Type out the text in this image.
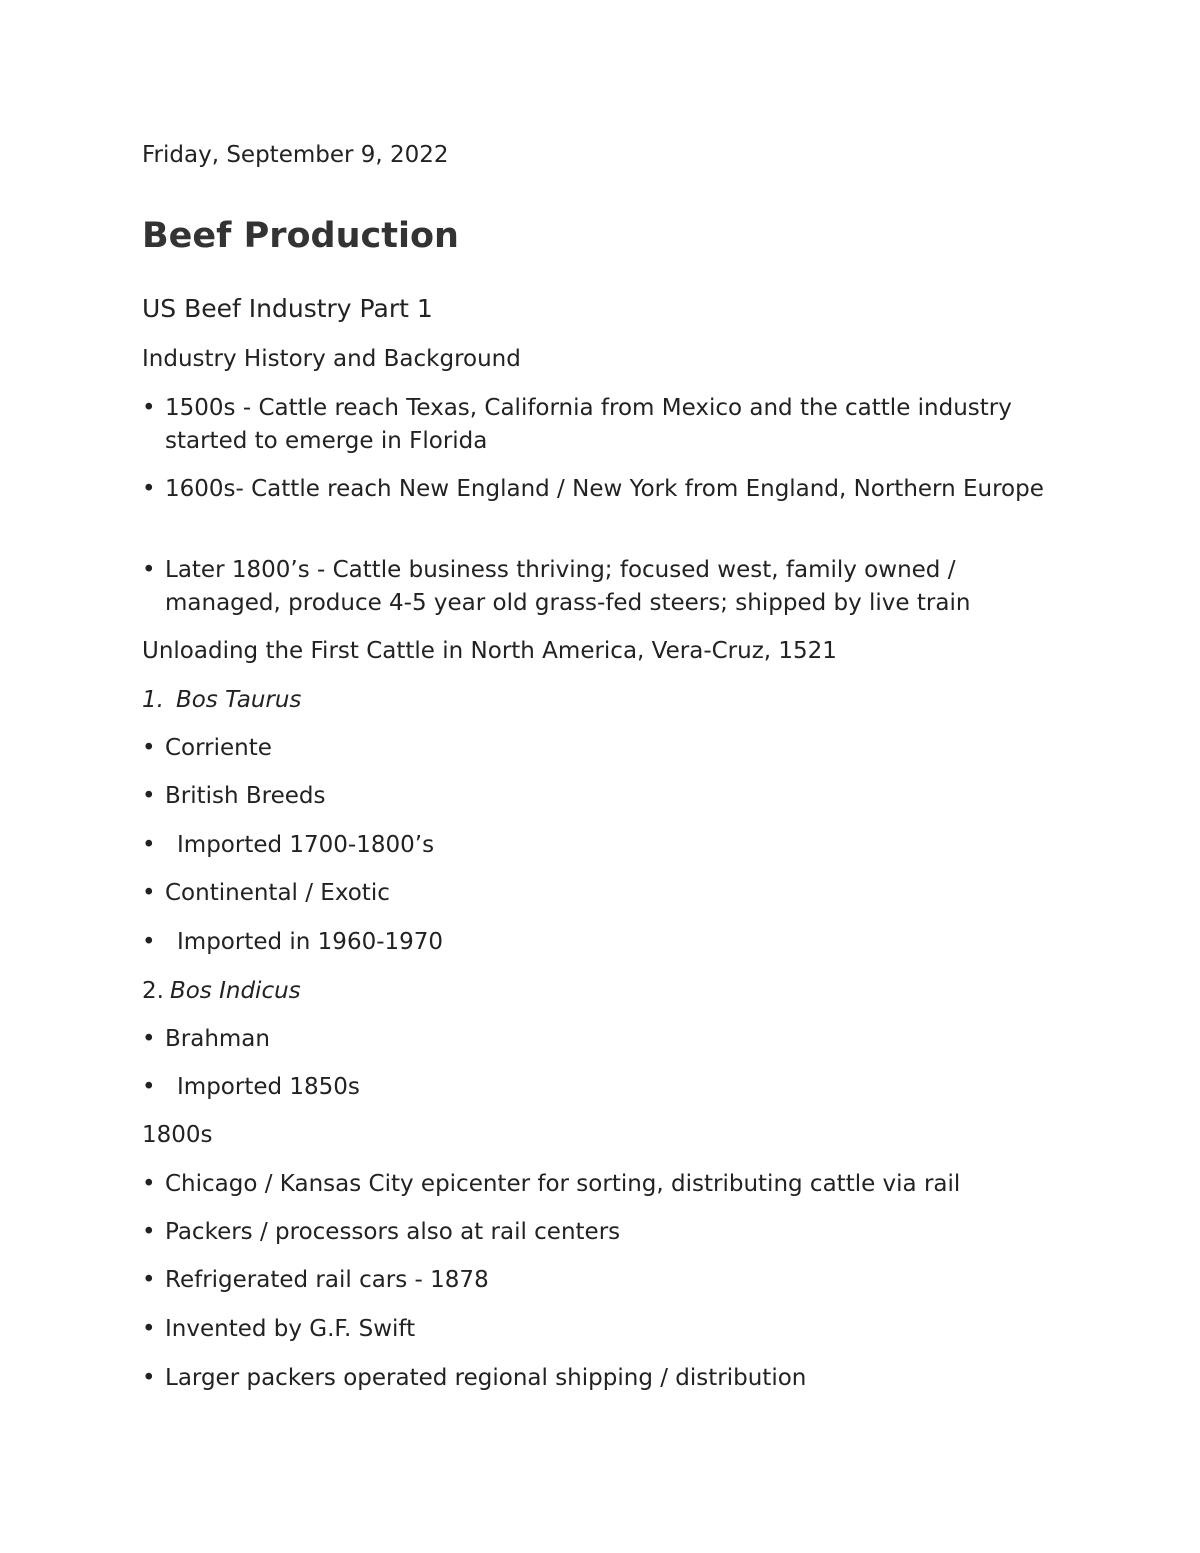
Friday, September 9, 2022

Beef Production
US Beef Industry Part 1

Industry History and Background

• 1500s - Cattle reach Texas, California from Mexico and the cattle industry started to emerge in Florida
• 1600s- Cattle reach New England / New York from England, Northern Europe
• Later 1800’s - Cattle business thriving; focused west, family owned / managed, produce 4-5 year old grass-fed steers; shipped by live train

Unloading the First Cattle in North America, Vera-Cruz, 1521

1. Bos Taurus

• Corriente
• British Breeds
• Imported 1700-1800’s
• Continental / Exotic
• Imported in 1960-1970

2. Bos Indicus

• Brahman
• Imported 1850s

1800s

• Chicago / Kansas City epicenter for sorting, distributing cattle via rail
• Packers / processors also at rail centers
• Refrigerated rail cars - 1878
• Invented by G.F. Swift
• Larger packers operated regional shipping / distribution
